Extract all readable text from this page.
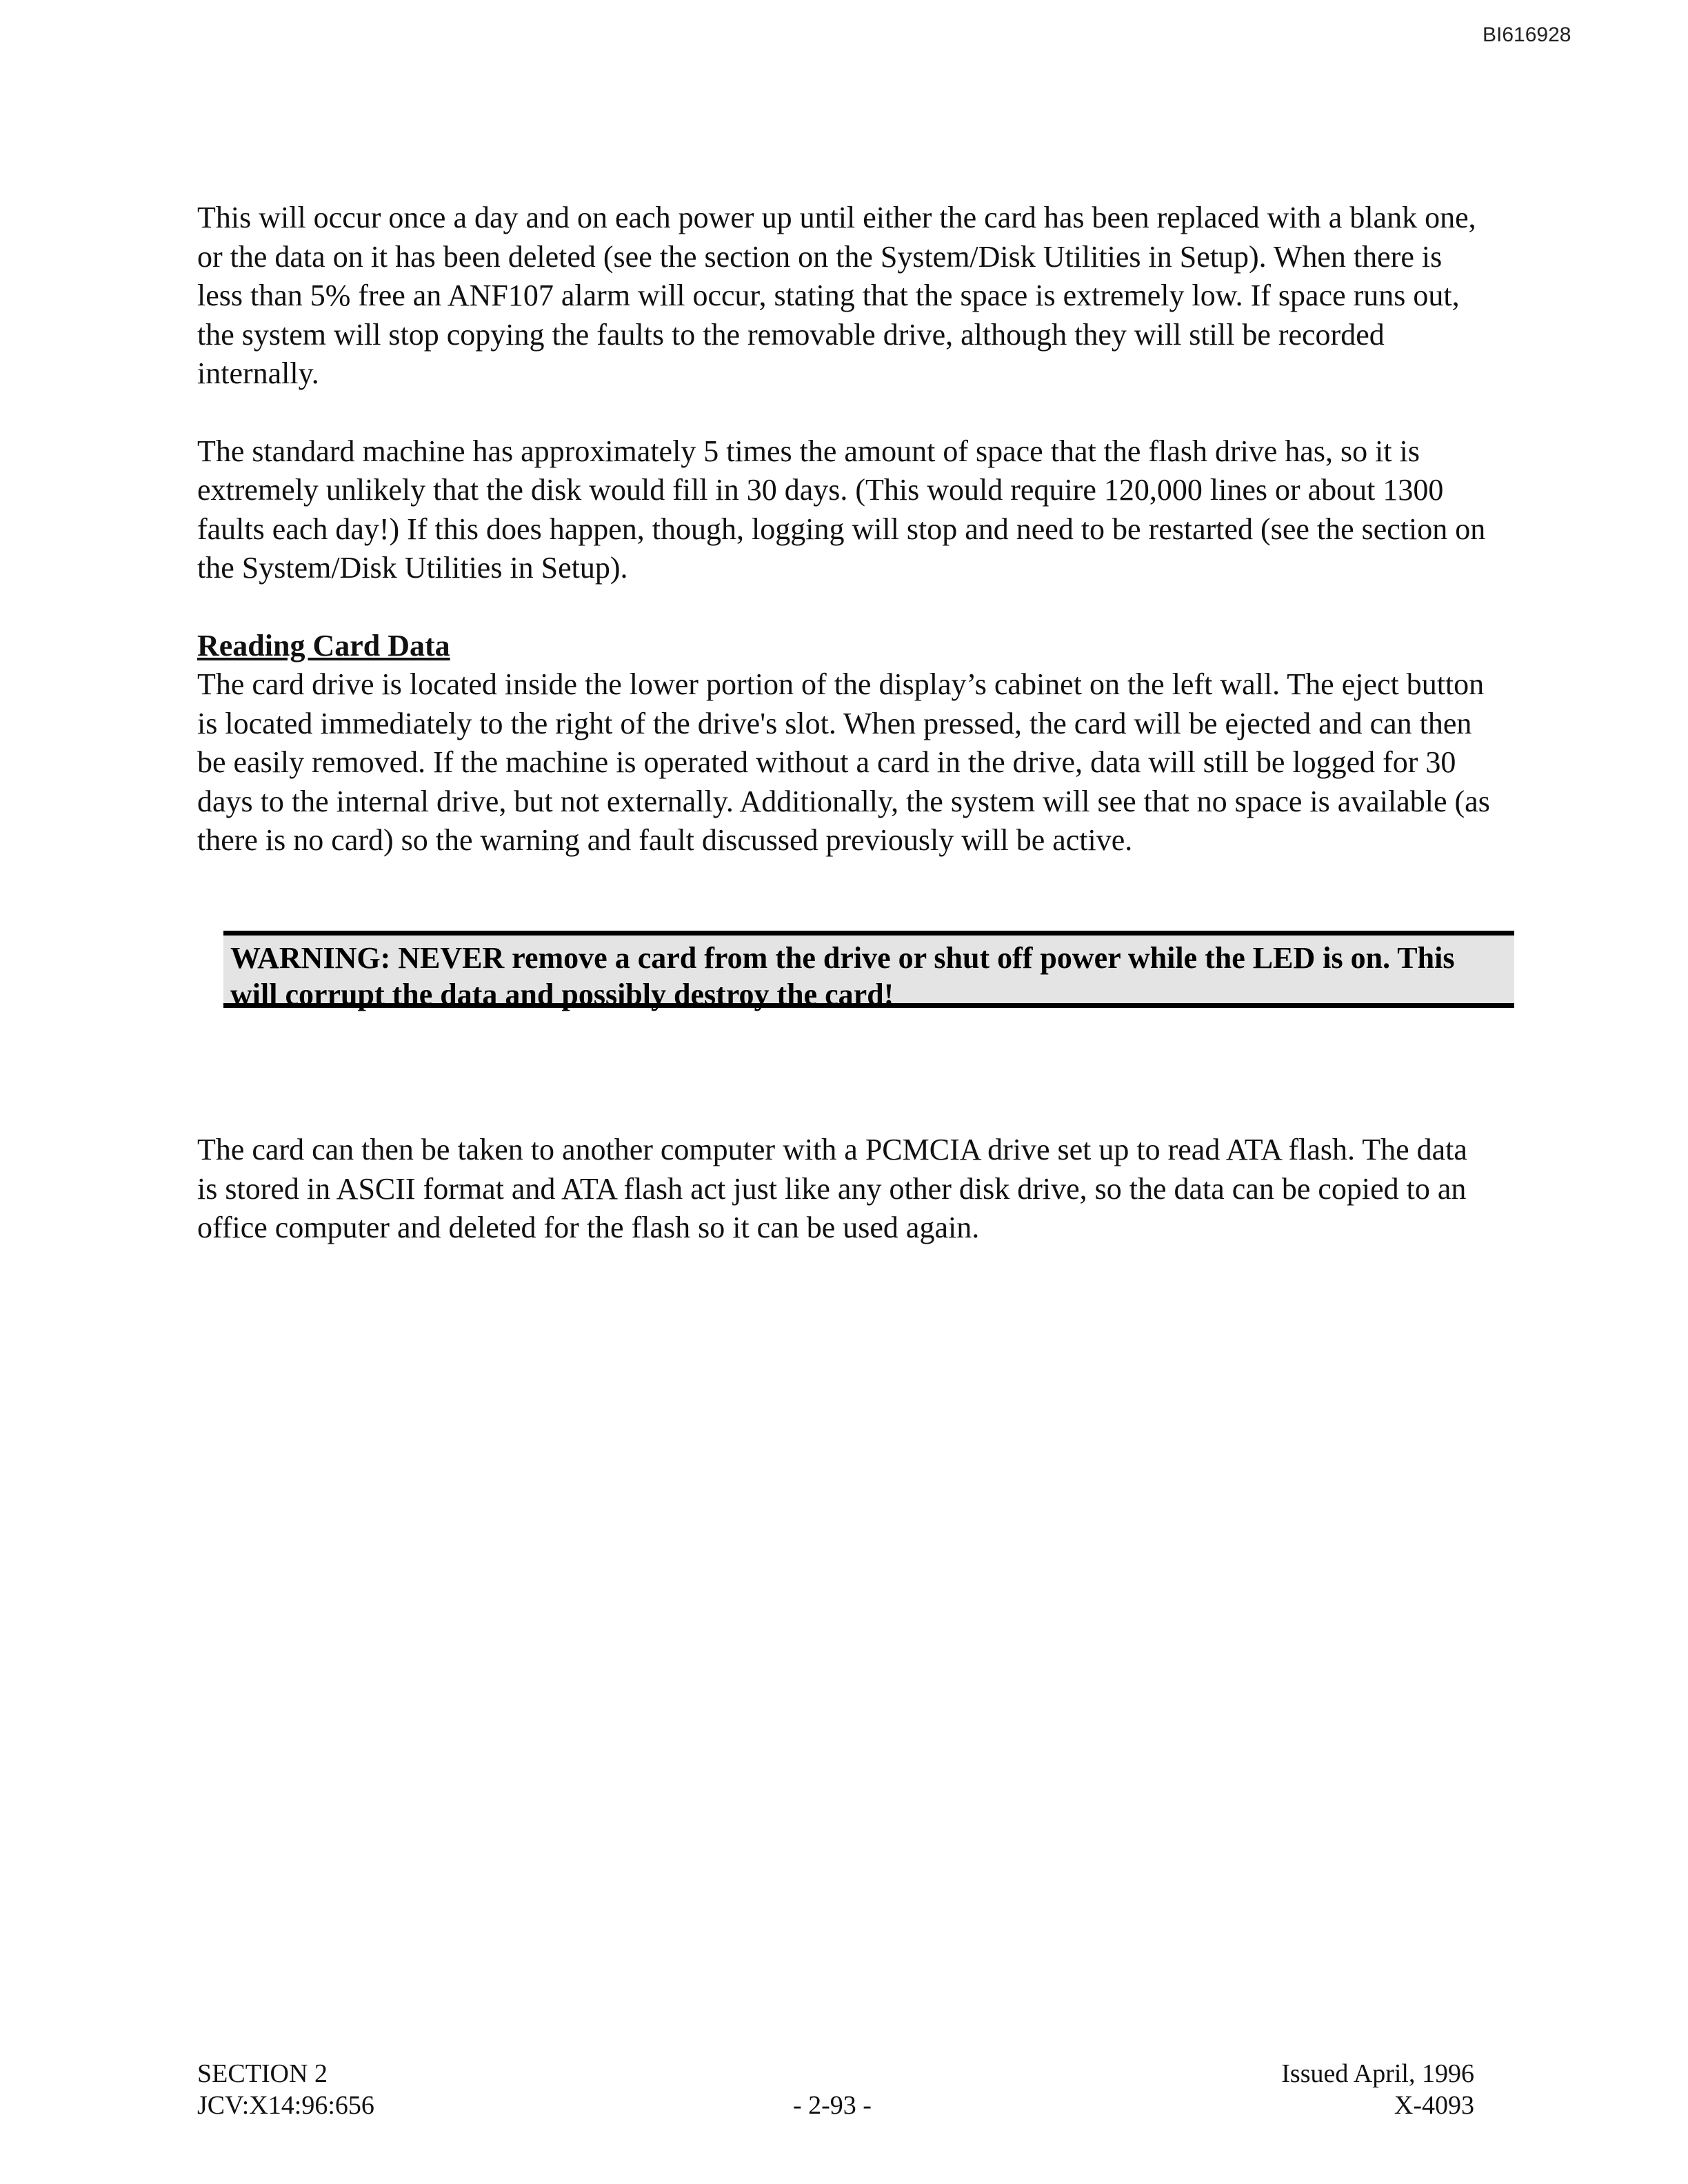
BI616928

This will occur once a day and on each power up until either the card has been replaced with a blank one, or the data on it has been deleted (see the section on the System/Disk Utilities in Setup). When there is less than 5% free an ANF107 alarm will occur, stating that the space is extremely low. If space runs out, the system will stop copying the faults to the removable drive, although they will still be recorded internally.

The standard machine has approximately 5 times the amount of space that the flash drive has, so it is extremely unlikely that the disk would fill in 30 days. (This would require 120,000 lines or about 1300 faults each day!) If this does happen, though, logging will stop and need to be restarted (see the section on the System/Disk Utilities in Setup).

Reading Card Data

The card drive is located inside the lower portion of the display’s cabinet on the left wall. The eject button is located immediately to the right of the drive's slot. When pressed, the card will be ejected and can then be easily removed. If the machine is operated without a card in the drive, data will still be logged for 30 days to the internal drive, but not externally. Additionally, the system will see that no space is available (as there is no card) so the warning and fault discussed previously will be active.

WARNING: NEVER remove a card from the drive or shut off power while the LED is on. This will corrupt the data and possibly destroy the card!

The card can then be taken to another computer with a PCMCIA drive set up to read ATA flash. The data is stored in ASCII format and ATA flash act just like any other disk drive, so the data can be copied to an office computer and deleted for the flash so it can be used again.

SECTION 2
JCV:X14:96:656	- 2-93 -
Issued April, 1996
X-4093
